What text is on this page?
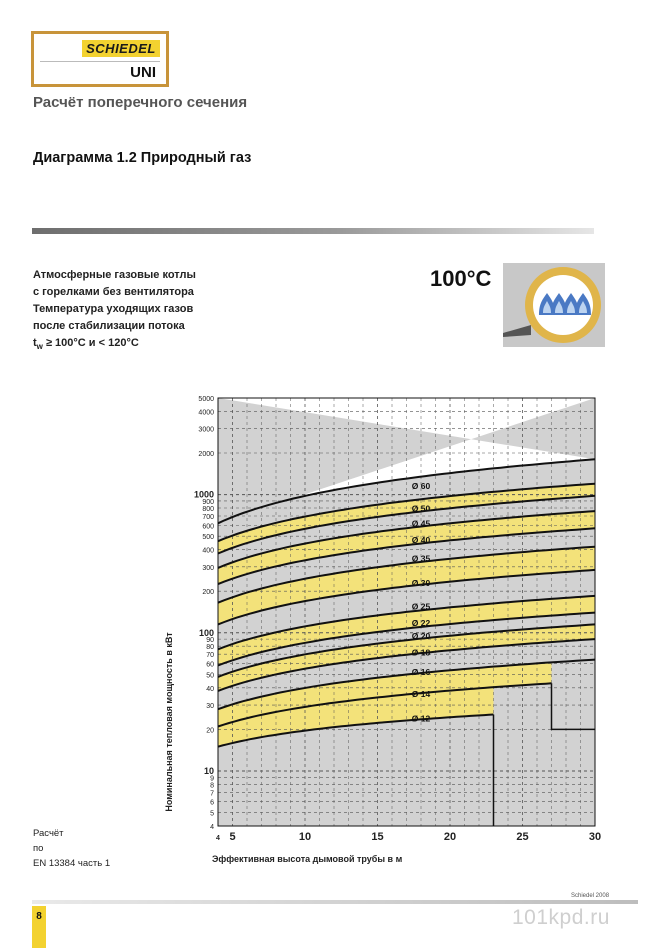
SCHIEDEL
UNI
Расчёт поперечного сечения
Диаграмма 1.2 Природный газ
Атмосферные газовые котлы
с горелками без вентилятора
Температура уходящих газов
после стабилизации потока
$t_w \ge 100^\circ C$ и < 120°C
100°C
Ø 12
Ø 14
Ø 16
Ø 18
Ø 20
Ø 22
Ø 25
Ø 30
Ø 35
Ø 40
Ø 45
Ø 50
Ø 60
4
5
6
7
8
9
10
20
30
40
50
60
70
80
90
100
200
300
400
500
600
700
800
900
1000
2000
3000
4000
5000
4 5	10	15	20	25	30
Эффективная высота дымовой трубы в м
Номинальная тепловая мощность в кВт
Расчёт
по
EN 13384 часть 1
Schiedel 2008
8	101kpd.ru
